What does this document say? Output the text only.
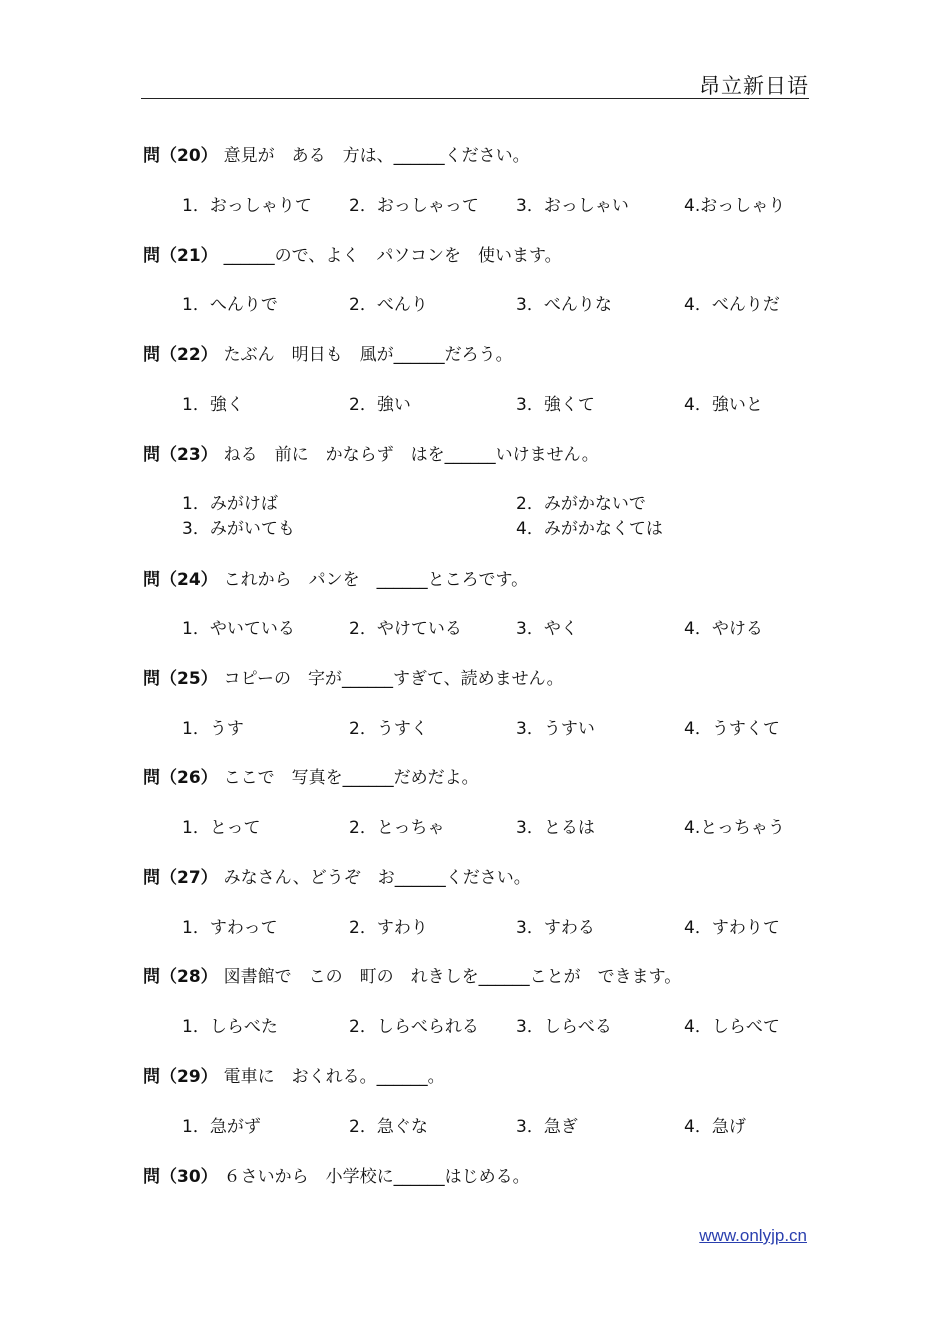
昂立新日语
問（20） 意見が　ある　方は、______ください。
1．おっしゃりて 2．おっしゃって 3．おっしゃい	4.おっしゃり
問（21） ______ので、よく　パソコンを　使います。
1．へんりで	2．べんり	3．べんりな	4．べんりだ
問（22） たぶん　明日も　風が______だろう。
1．強く	2．強い	3．強くて	4．強いと
問（23） ねる　前に　かならず　はを______いけません。
1．みがけば	2．みがかないで
3．みがいても	4．みがかなくては
問（24） これから　パンを　______ところです。
1．やいている	2．やけている	3．やく	4．やける
問（25） コピーの　字が______すぎて、読めません。
1．うす	2．うすく	3．うすい	4．うすくて
問（26） ここで　写真を______だめだよ。
1．とって	2．とっちゃ	3．とるは	4.とっちゃう
問（27） みなさん、どうぞ　お______ください。
1．すわって	2．すわり	3．すわる	4．すわりて
問（28） 図書館で　この　町の　れきしを______ことが　できます。
1．しらべた	2．しらべられる 3．しらべる	4．しらべて
問（29） 電車に　おくれる。______。
1．急がず	2．急ぐな	3．急ぎ	4．急げ
問（30） ６さいから　小学校に______はじめる。
www.onlyjp.cn
